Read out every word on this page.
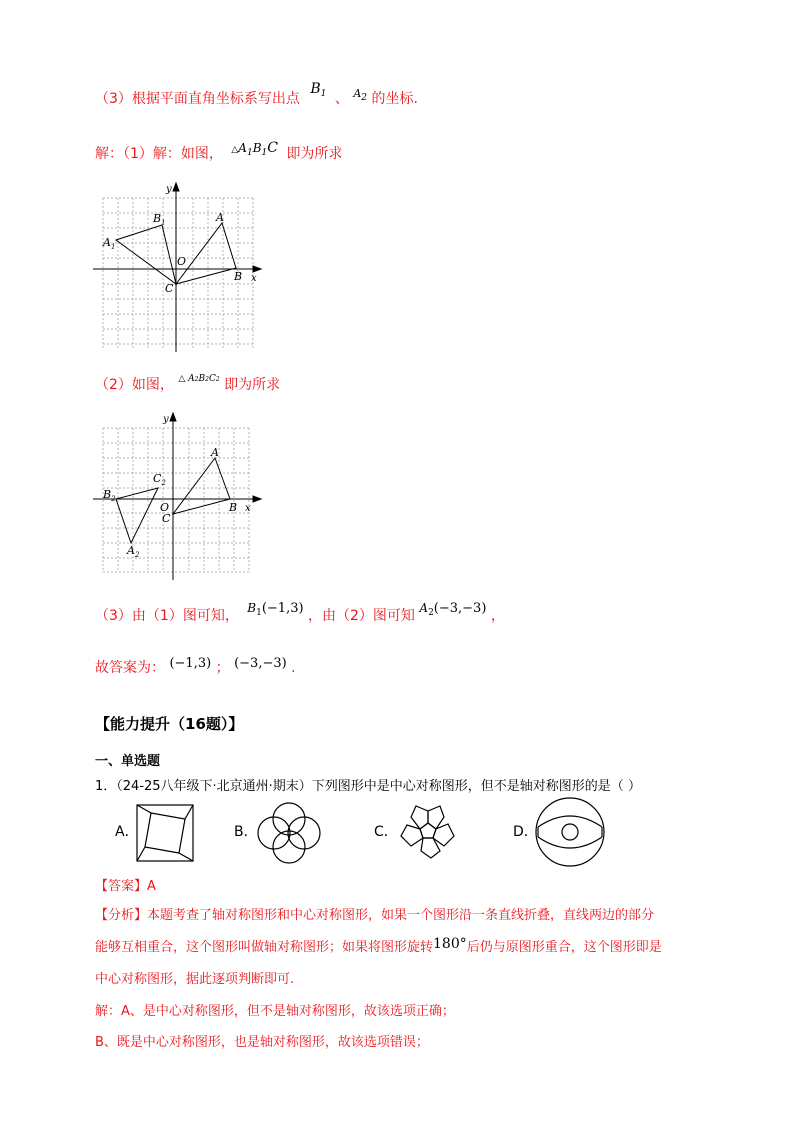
（3）根据平面直角坐标系写出点 $B_1$ 、 $^{A_2}$ 的坐标.
解：（1）解：如图， $\triangle A_1B_1C$ 即为所求
y
x
$A_1$
$B_1$	A
B
O
C
（2）如图， $^{\triangle A2B2C2}$ 即为所求
y
x
$B_2$
$C_2$
$A_2$
A
B
O
C
（3）由（1）图可知， $B_1(-1,3)$ ，由（2）图可知 $A_2(-3,-3)$ ，
故答案为： (−1,3) ； (−3,−3) .
【能力提升（16题）】
一、单选题
1．（24-25八年级下·北京通州·期末）下列图形中是中心对称图形，但不是轴对称图形的是（ ）
A．	B．	C．	D．
【答案】A
【分析】本题考查了轴对称图形和中心对称图形，如果一个图形沿一条直线折叠，直线两边的部分
能够互相重合，这个图形叫做轴对称图形；如果将图形旋转180°后仍与原图形重合，这个图形即是
中心对称图形，据此逐项判断即可.
解：A、是中心对称图形，但不是轴对称图形，故该选项正确；
B、既是中心对称图形，也是轴对称图形，故该选项错误；
